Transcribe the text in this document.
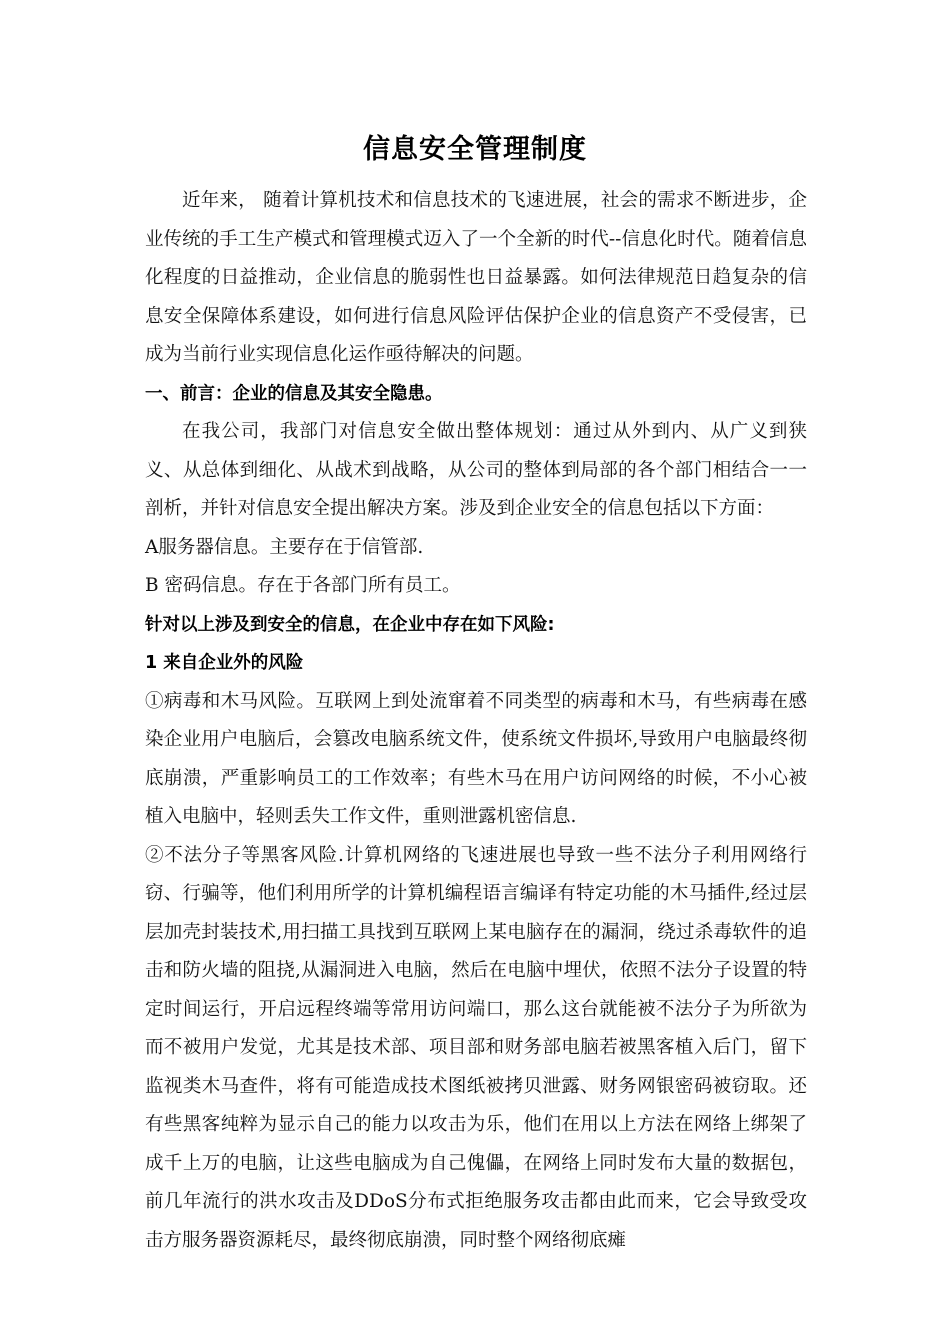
信息安全管理制度

近年来， 随着计算机技术和信息技术的飞速进展，社会的需求不断进步，企业传统的手工生产模式和管理模式迈入了一个全新的时代--信息化时代。随着信息化程度的日益推动，企业信息的脆弱性也日益暴露。如何法律规范日趋复杂的信息安全保障体系建设，如何进行信息风险评估保护企业的信息资产不受侵害，已成为当前行业实现信息化运作亟待解决的问题。

一、前言：企业的信息及其安全隐患。

在我公司，我部门对信息安全做出整体规划：通过从外到内、从广义到狭义、从总体到细化、从战术到战略，从公司的整体到局部的各个部门相结合一一剖析，并针对信息安全提出解决方案。涉及到企业安全的信息包括以下方面：

A服务器信息。主要存在于信管部.

B 密码信息。存在于各部门所有员工。

针对以上涉及到安全的信息，在企业中存在如下风险:

1 来自企业外的风险

①病毒和木马风险。互联网上到处流窜着不同类型的病毒和木马，有些病毒在感染企业用户电脑后，会篡改电脑系统文件，使系统文件损坏,导致用户电脑最终彻底崩溃，严重影响员工的工作效率；有些木马在用户访问网络的时候，不小心被植入电脑中，轻则丢失工作文件，重则泄露机密信息.

②不法分子等黑客风险.计算机网络的飞速进展也导致一些不法分子利用网络行窃、行骗等，他们利用所学的计算机编程语言编译有特定功能的木马插件,经过层层加壳封装技术,用扫描工具找到互联网上某电脑存在的漏洞，绕过杀毒软件的追击和防火墙的阻挠,从漏洞进入电脑，然后在电脑中埋伏，依照不法分子设置的特定时间运行，开启远程终端等常用访问端口，那么这台就能被不法分子为所欲为而不被用户发觉，尤其是技术部、项目部和财务部电脑若被黑客植入后门，留下监视类木马查件，将有可能造成技术图纸被拷贝泄露、财务网银密码被窃取。还有些黑客纯粹为显示自己的能力以攻击为乐，他们在用以上方法在网络上绑架了成千上万的电脑，让这些电脑成为自己傀儡，在网络上同时发布大量的数据包，前几年流行的洪水攻击及DDoS分布式拒绝服务攻击都由此而来，它会导致受攻击方服务器资源耗尽，最终彻底崩溃，同时整个网络彻底瘫
